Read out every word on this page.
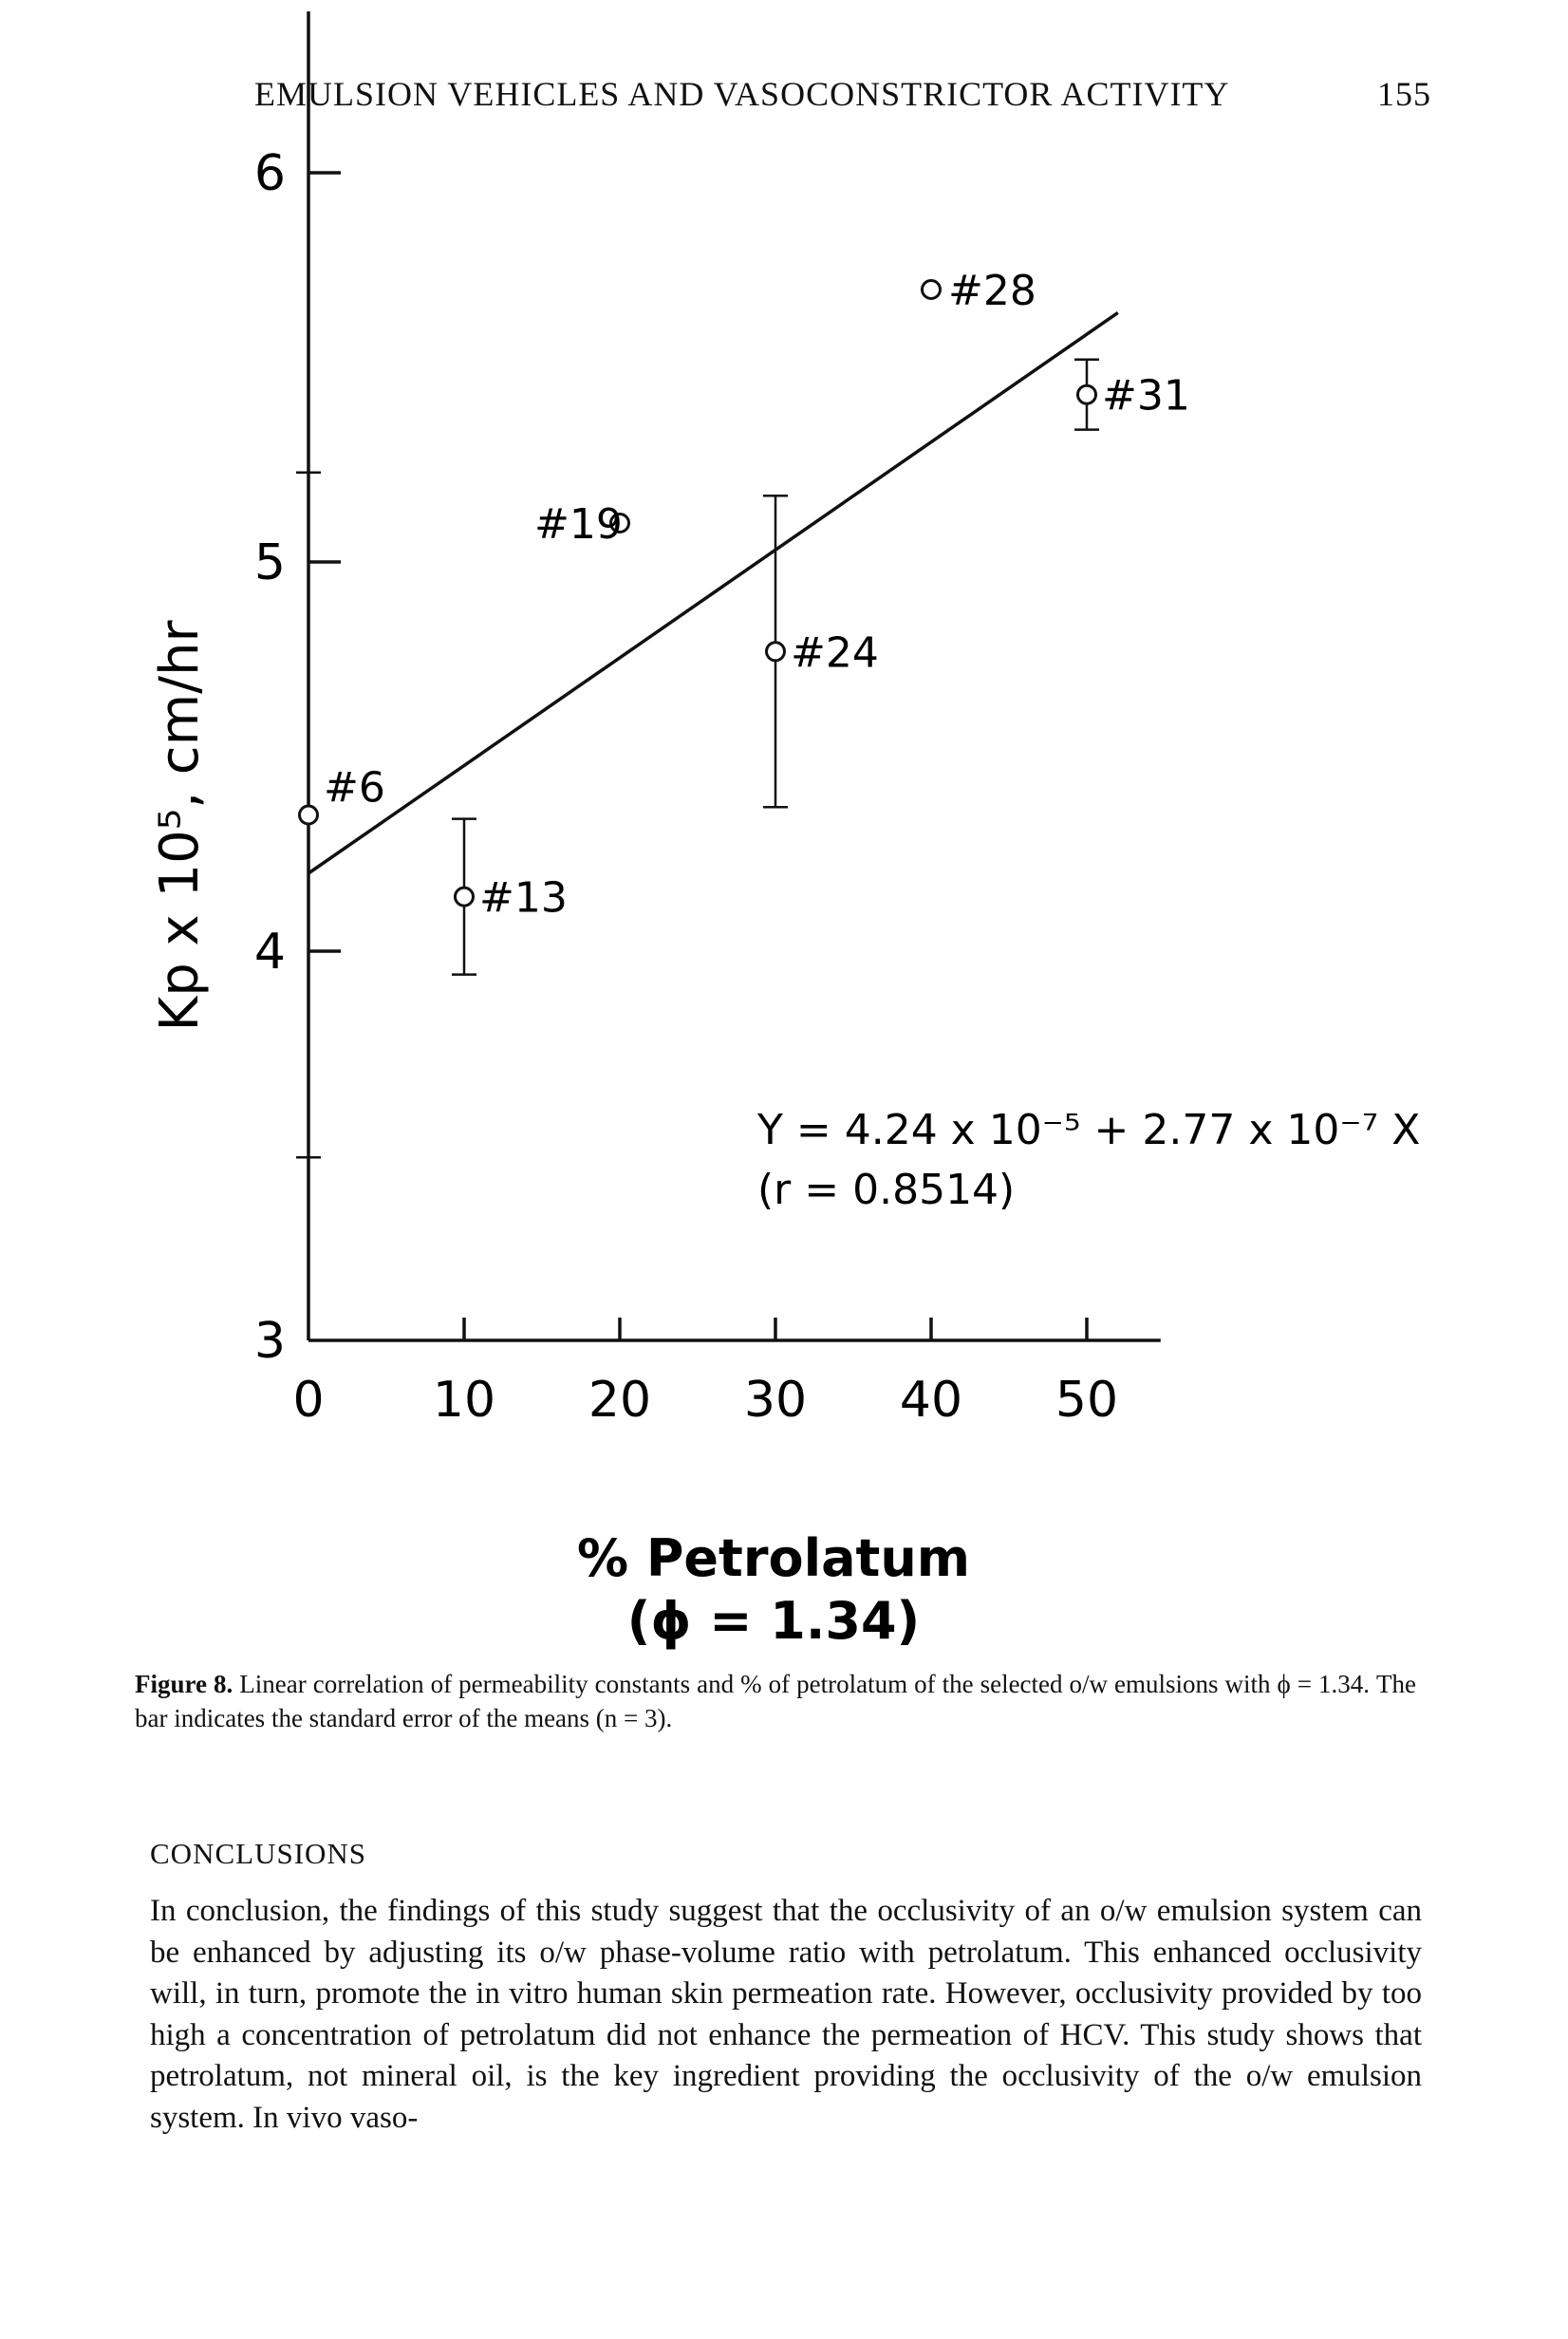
EMULSION VEHICLES AND VASOCONSTRICTOR ACTIVITY	155
3
4
5
6
0 10 20 30 40 50
#6
#13
#19
#24
#28
#31
% Petrolatum
(ϕ = 1.34)
Kp x 10⁵, cm/hr
Y = 4.24 x 10⁻⁵ + 2.77 x 10⁻⁷ X
(r = 0.8514)
Figure 8. Linear correlation of permeability constants and % of petrolatum of the selected o/w emulsions with ϕ = 1.34. The bar indicates the standard error of the means (n = 3).
CONCLUSIONS
In conclusion, the findings of this study suggest that the occlusivity of an o/w emulsion system can be enhanced by adjusting its o/w phase-volume ratio with petrolatum. This enhanced occlusivity will, in turn, promote the in vitro human skin permeation rate. However, occlusivity provided by too high a concentration of petrolatum did not enhance the permeation of HCV. This study shows that petrolatum, not mineral oil, is the key ingredient providing the occlusivity of the o/w emulsion system. In vivo vaso-
